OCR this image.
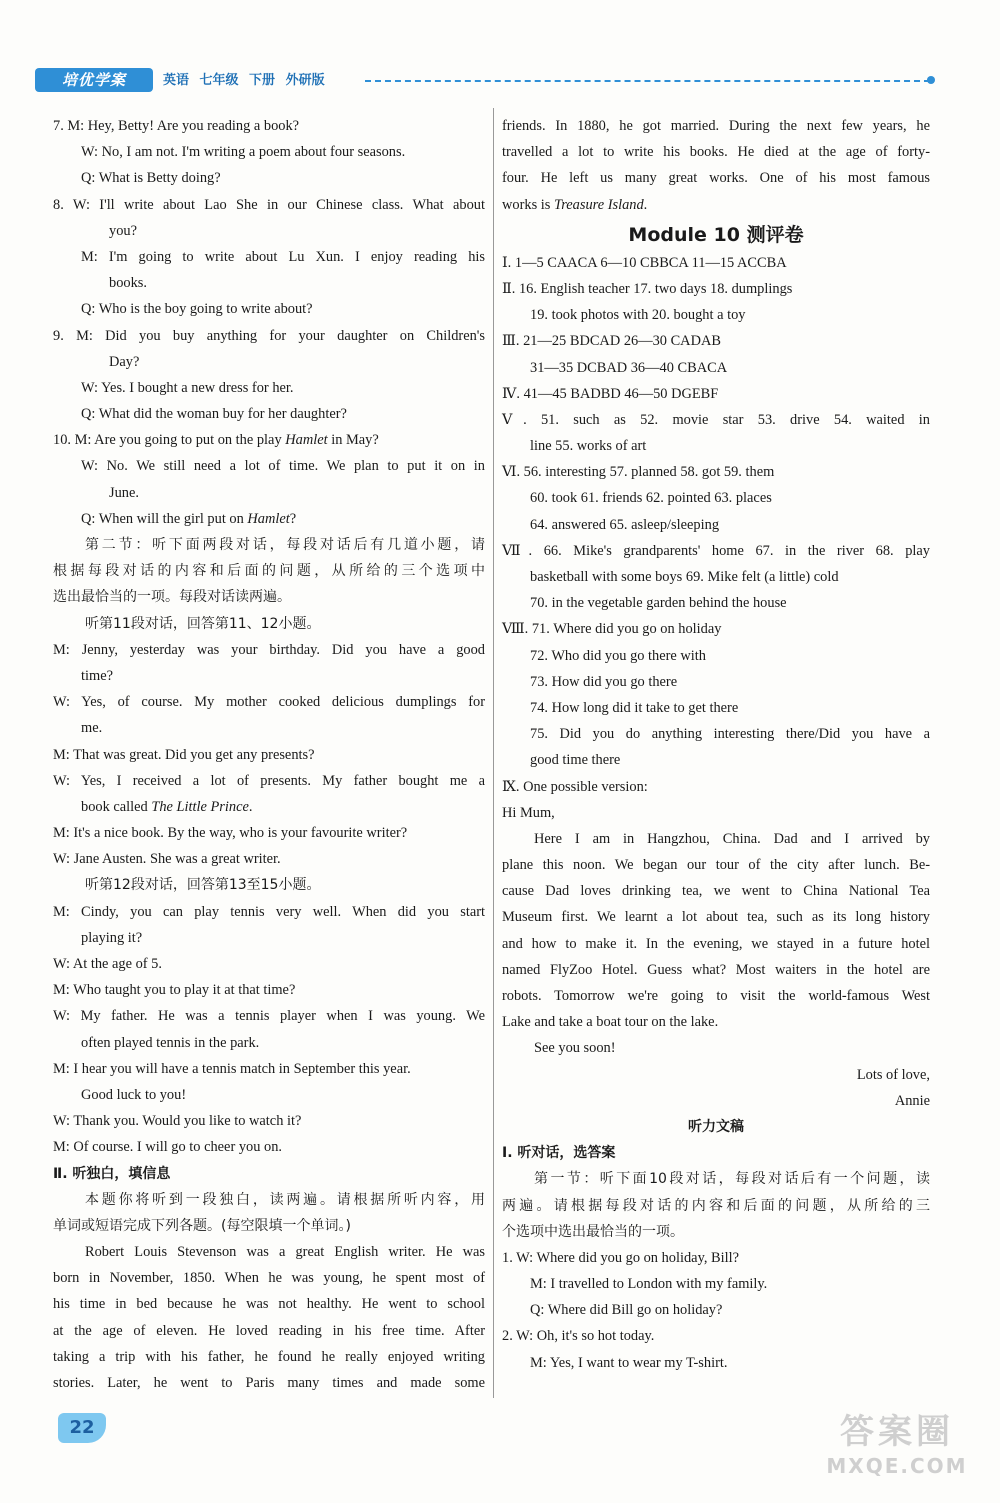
培优学案	英语 七年级 下册 外研版
7. M: Hey, Betty! Are you reading a book?
W: No, I am not. I'm writing a poem about four seasons.
Q: What is Betty doing?
8. W: I'll write about Lao She in our Chinese class. What about
you?
M: I'm going to write about Lu Xun. I enjoy reading his
books.
Q: Who is the boy going to write about?
9. M: Did you buy anything for your daughter on Children's
Day?
W: Yes. I bought a new dress for her.
Q: What did the woman buy for her daughter?
10. M: Are you going to put on the play Hamlet in May?
W: No. We still need a lot of time. We plan to put it on in
June.
Q: When will the girl put on Hamlet?
第二节：听下面两段对话，每段对话后有几道小题，请
根据每段对话的内容和后面的问题，从所给的三个选项中
选出最恰当的一项。每段对话读两遍。
听第11段对话，回答第11、12小题。
M: Jenny, yesterday was your birthday. Did you have a good
time?
W: Yes, of course. My mother cooked delicious dumplings for
me.
M: That was great. Did you get any presents?
W: Yes, I received a lot of presents. My father bought me a
book called The Little Prince.
M: It's a nice book. By the way, who is your favourite writer?
W: Jane Austen. She was a great writer.
听第12段对话，回答第13至15小题。
M: Cindy, you can play tennis very well. When did you start
playing it?
W: At the age of 5.
M: Who taught you to play it at that time?
W: My father. He was a tennis player when I was young. We
often played tennis in the park.
M: I hear you will have a tennis match in September this year.
Good luck to you!
W: Thank you. Would you like to watch it?
M: Of course. I will go to cheer you on.
Ⅱ. 听独白，填信息
本题你将听到一段独白，读两遍。请根据所听内容，用
单词或短语完成下列各题。(每空限填一个单词。)
Robert Louis Stevenson was a great English writer. He was
born in November, 1850. When he was young, he spent most of
his time in bed because he was not healthy. He went to school
at the age of eleven. He loved reading in his free time. After
taking a trip with his father, he found he really enjoyed writing
stories. Later, he went to Paris many times and made some
friends. In 1880, he got married. During the next few years, he
travelled a lot to write his books. He died at the age of forty-
four. He left us many great works. One of his most famous
works is Treasure Island.
Module 10 测评卷
Ⅰ. 1—5 CAACA 6—10 CBBCA 11—15 ACCBA
Ⅱ. 16. English teacher 17. two days 18. dumplings
19. took photos with 20. bought a toy
Ⅲ. 21—25 BDCAD 26—30 CADAB
31—35 DCBAD 36—40 CBACA
Ⅳ. 41—45 BADBD 46—50 DGEBF
Ⅴ. 51. such as 52. movie star 53. drive 54. waited in
line 55. works of art
Ⅵ. 56. interesting 57. planned 58. got 59. them
60. took 61. friends 62. pointed 63. places
64. answered 65. asleep/sleeping
Ⅶ. 66. Mike's grandparents' home 67. in the river 68. play
basketball with some boys 69. Mike felt (a little) cold
70. in the vegetable garden behind the house
Ⅷ. 71. Where did you go on holiday
72. Who did you go there with
73. How did you go there
74. How long did it take to get there
75. Did you do anything interesting there/Did you have a
good time there
Ⅸ. One possible version:
Hi Mum,
Here I am in Hangzhou, China. Dad and I arrived by
plane this noon. We began our tour of the city after lunch. Be-
cause Dad loves drinking tea, we went to China National Tea
Museum first. We learnt a lot about tea, such as its long history
and how to make it. In the evening, we stayed in a future hotel
named FlyZoo Hotel. Guess what? Most waiters in the hotel are
robots. Tomorrow we're going to visit the world-famous West
Lake and take a boat tour on the lake.
See you soon!
Lots of love,
Annie
听力文稿
Ⅰ. 听对话，选答案
第一节：听下面10段对话，每段对话后有一个问题，读
两遍。请根据每段对话的内容和后面的问题，从所给的三
个选项中选出最恰当的一项。
1. W: Where did you go on holiday, Bill?
M: I travelled to London with my family.
Q: Where did Bill go on holiday?
2. W: Oh, it's so hot today.
M: Yes, I want to wear my T-shirt.
22	答案圈
MXQE.COM
